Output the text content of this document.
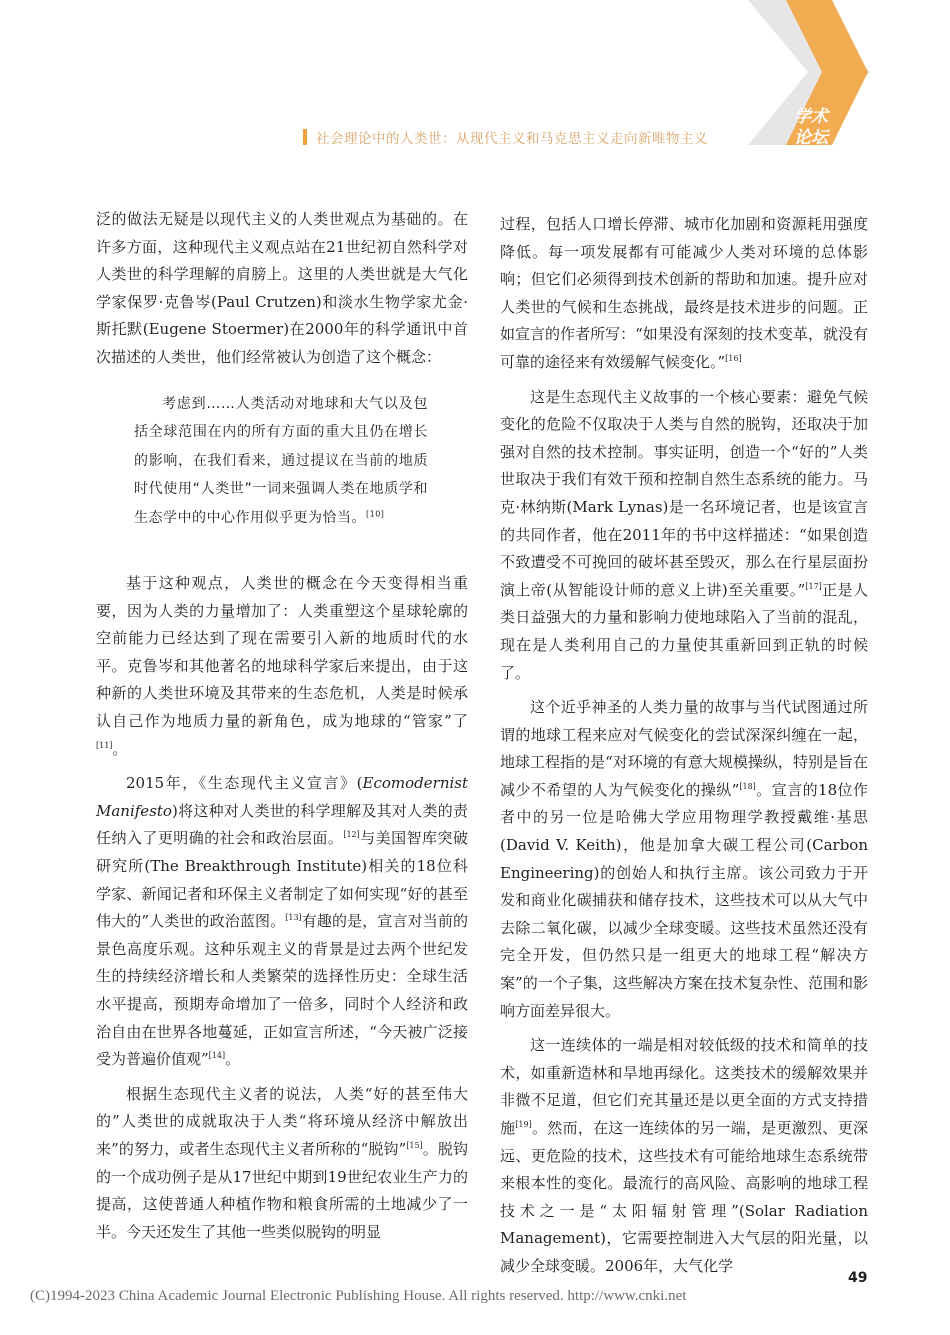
社会理论中的人类世：从现代主义和马克思主义走向新唯物主义
学术
论坛

泛的做法无疑是以现代主义的人类世观点为基础的。在许多方面，这种现代主义观点站在21世纪初自然科学对人类世的科学理解的肩膀上。这里的人类世就是大气化学家保罗·克鲁岑(Paul Crutzen)和淡水生物学家尤金·斯托默(Eugene Stoermer)在2000年的科学通讯中首次描述的人类世，他们经常被认为创造了这个概念：

考虑到……人类活动对地球和大气以及包括全球范围在内的所有方面的重大且仍在增长的影响，在我们看来，通过提议在当前的地质时代使用“人类世”一词来强调人类在地质学和生态学中的中心作用似乎更为恰当。[10]

基于这种观点，人类世的概念在今天变得相当重要，因为人类的力量增加了：人类重塑这个星球轮廓的空前能力已经达到了现在需要引入新的地质时代的水平。克鲁岑和其他著名的地球科学家后来提出，由于这种新的人类世环境及其带来的生态危机，人类是时候承认自己作为地质力量的新角色，成为地球的“管家”了[11]。

2015年，《生态现代主义宣言》(Ecomodernist Manifesto)将这种对人类世的科学理解及其对人类的责任纳入了更明确的社会和政治层面。[12]与美国智库突破研究所(The Breakthrough Institute)相关的18位科学家、新闻记者和环保主义者制定了如何实现“好的甚至伟大的”人类世的政治蓝图。[13]有趣的是，宣言对当前的景色高度乐观。这种乐观主义的背景是过去两个世纪发生的持续经济增长和人类繁荣的选择性历史：全球生活水平提高，预期寿命增加了一倍多，同时个人经济和政治自由在世界各地蔓延，正如宣言所述，“今天被广泛接受为普遍价值观”[14]。

根据生态现代主义者的说法，人类“好的甚至伟大的”人类世的成就取决于人类“将环境从经济中解放出来”的努力，或者生态现代主义者所称的“脱钩”[15]。脱钩的一个成功例子是从17世纪中期到19世纪农业生产力的提高，这使普通人种植作物和粮食所需的土地减少了一半。今天还发生了其他一些类似脱钩的明显

过程，包括人口增长停滞、城市化加剧和资源耗用强度降低。每一项发展都有可能减少人类对环境的总体影响；但它们必须得到技术创新的帮助和加速。提升应对人类世的气候和生态挑战，最终是技术进步的问题。正如宣言的作者所写：“如果没有深刻的技术变革，就没有可靠的途径来有效缓解气候变化。”[16]

这是生态现代主义故事的一个核心要素：避免气候变化的危险不仅取决于人类与自然的脱钩，还取决于加强对自然的技术控制。事实证明，创造一个“好的”人类世取决于我们有效干预和控制自然生态系统的能力。马克·林纳斯(Mark Lynas)是一名环境记者，也是该宣言的共同作者，他在2011年的书中这样描述：“如果创造不致遭受不可挽回的破坏甚至毁灭，那么在行星层面扮演上帝(从智能设计师的意义上讲)至关重要。”[17]正是人类日益强大的力量和影响力使地球陷入了当前的混乱，现在是人类利用自己的力量使其重新回到正轨的时候了。

这个近乎神圣的人类力量的故事与当代试图通过所谓的地球工程来应对气候变化的尝试深深纠缠在一起，地球工程指的是“对环境的有意大规模操纵，特别是旨在减少不希望的人为气候变化的操纵”[18]。宣言的18位作者中的另一位是哈佛大学应用物理学教授戴维·基思(David V. Keith)，他是加拿大碳工程公司(Carbon Engineering)的创始人和执行主席。该公司致力于开发和商业化碳捕获和储存技术，这些技术可以从大气中去除二氧化碳，以减少全球变暖。这些技术虽然还没有完全开发，但仍然只是一组更大的地球工程“解决方案”的一个子集，这些解决方案在技术复杂性、范围和影响方面差异很大。

这一连续体的一端是相对较低级的技术和简单的技术，如重新造林和旱地再绿化。这类技术的缓解效果并非微不足道，但它们充其量还是以更全面的方式支持措施[19]。然而，在这一连续体的另一端，是更激烈、更深远、更危险的技术，这些技术有可能给地球生态系统带来根本性的变化。最流行的高风险、高影响的地球工程技术之一是“太阳辐射管理”(Solar Radiation Management)，它需要控制进入大气层的阳光量，以减少全球变暖。2006年，大气化学

49
(C)1994-2023 China Academic Journal Electronic Publishing House. All rights reserved. http://www.cnki.net
